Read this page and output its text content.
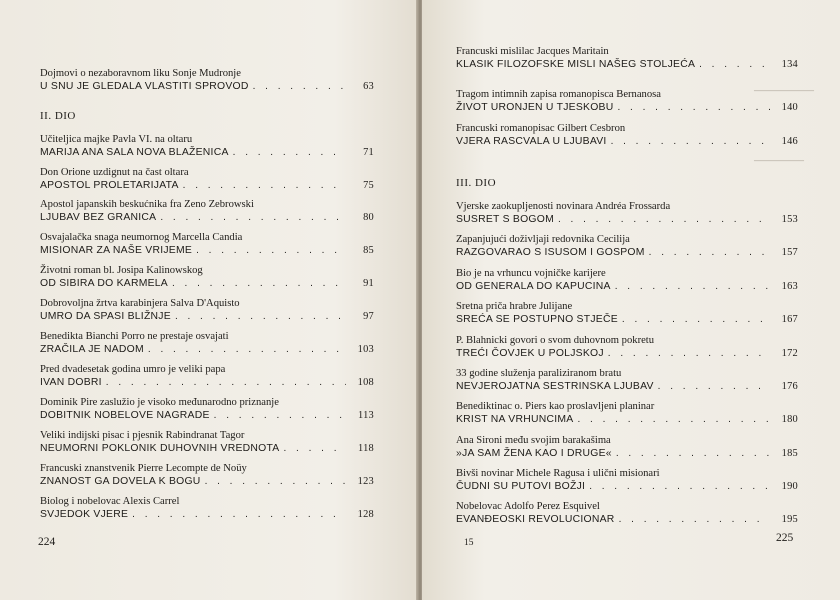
Dojmovi o nezaboravnom liku Sonje Mudronje
U SNU JE GLEDALA VLASTITI SPROVOD . . .	63
II. DIO
Učiteljica majke Pavla VI. na oltaru
MARIJA ANA SALA NOVA BLAŽENICA . . .	71
Don Orione uzdignut na čast oltara
APOSTOL PROLETARIJATA . . .	75
Apostol japanskih beskućnika fra Zeno Zebrowski
LJUBAV BEZ GRANICA . . .	80
Osvajalačka snaga neumornog Marcella Candia
MISIONAR ZA NAŠE VRIJEME . . .	85
Životni roman bl. Josipa Kalinowskog
OD SIBIRA DO KARMELA . . .	91
Dobrovoljna žrtva karabinjera Salva D'Aquisto
UMRO DA SPASI BLIŽNJE . . .	97
Benedikta Bianchi Porro ne prestaje osvajati
ZRAČILA JE NADOM . . .	103
Pred dvadesetak godina umro je veliki papa
IVAN DOBRI . . .	108
Dominik Pire zaslužio je visoko međunarodno priznanje
DOBITNIK NOBELOVE NAGRADE . . .	113
Veliki indijski pisac i pjesnik Rabindranat Tagor
NEUMORNI POKLONIK DUHOVNIH VREDNOTA . . .	118
Francuski znanstvenik Pierre Lecompte de Noüy
ZNANOST GA DOVELA K BOGU . . .	123
Biolog i nobelovac Alexis Carrel
SVJEDOK VJERE . . .	128
224
▔▔▔▔▔▔▔▔▔▔▔▔
▔▔▔▔▔▔▔▔▔▔
Francuski mislilac Jacques Maritain
KLASIK FILOZOFSKE MISLI NAŠEG STOLJEĆA . . .	134
Tragom intimnih zapisa romanopisca Bernanosa
ŽIVOT URONJEN U TJESKOBU . . .	140
Francuski romanopisac Gilbert Cesbron
VJERA RASCVALA U LJUBAVI . . .	146
III. DIO
Vjerske zaokupljenosti novinara Andréa Frossarda
SUSRET S BOGOM . . .	153
Zapanjujući doživljaji redovnika Cecilija
RAZGOVARAO S ISUSOM I GOSPOM . . .	157
Bio je na vrhuncu vojničke karijere
OD GENERALA DO KAPUCINA . . .	163
Sretna priča hrabre Julijane
SREĆA SE POSTUPNO STJEČE . . .	167
P. Blahnicki govori o svom duhovnom pokretu
TREĆI ČOVJEK U POLJSKOJ . . .	172
33 godine služenja paraliziranom bratu
NEVJEROJATNA SESTRINSKA LJUBAV . . .	176
Benediktinac o. Piers kao proslavljeni planinar
KRIST NA VRHUNCIMA . . .	180
Ana Sironi među svojim barakašima
»JA SAM ŽENA KAO I DRUGE« . . .	185
Bivši novinar Michele Ragusa i ulični misionari
ČUDNI SU PUTOVI BOŽJI . . .	190
Nobelovac Adolfo Perez Esquivel
EVANĐEOSKI REVOLUCIONAR . . .	195
15	225
